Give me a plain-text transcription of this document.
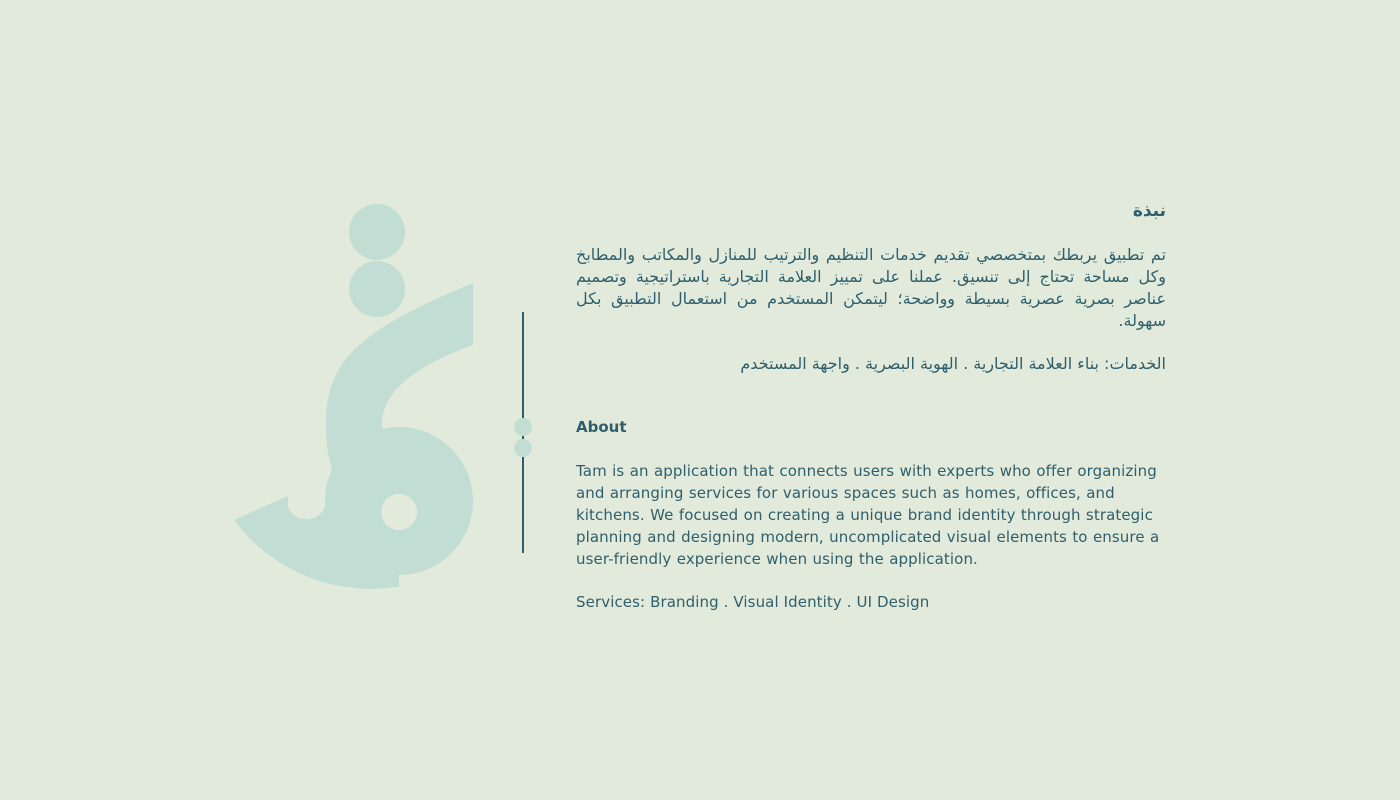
نبذة

تم تطبيق يربطك بمتخصصي تقديم خدمات التنظيم والترتيب للمنازل والمكاتب والمطابخ وكل مساحة تحتاج إلى تنسيق. عملنا على تمييز العلامة التجارية باستراتيجية وتصميم عناصر بصرية عصرية بسيطة وواضحة؛ ليتمكن المستخدم من استعمال التطبيق بكل سهولة.

الخدمات: بناء العلامة التجارية . الهوية البصرية . واجهة المستخدم

About

Tam is an application that connects users with experts who offer organizing and arranging services for various spaces such as homes, offices, and kitchens. We focused on creating a unique brand identity through strategic planning and designing modern, uncomplicated visual elements to ensure a user-friendly experience when using the application.

Services: Branding . Visual Identity . UI Design
